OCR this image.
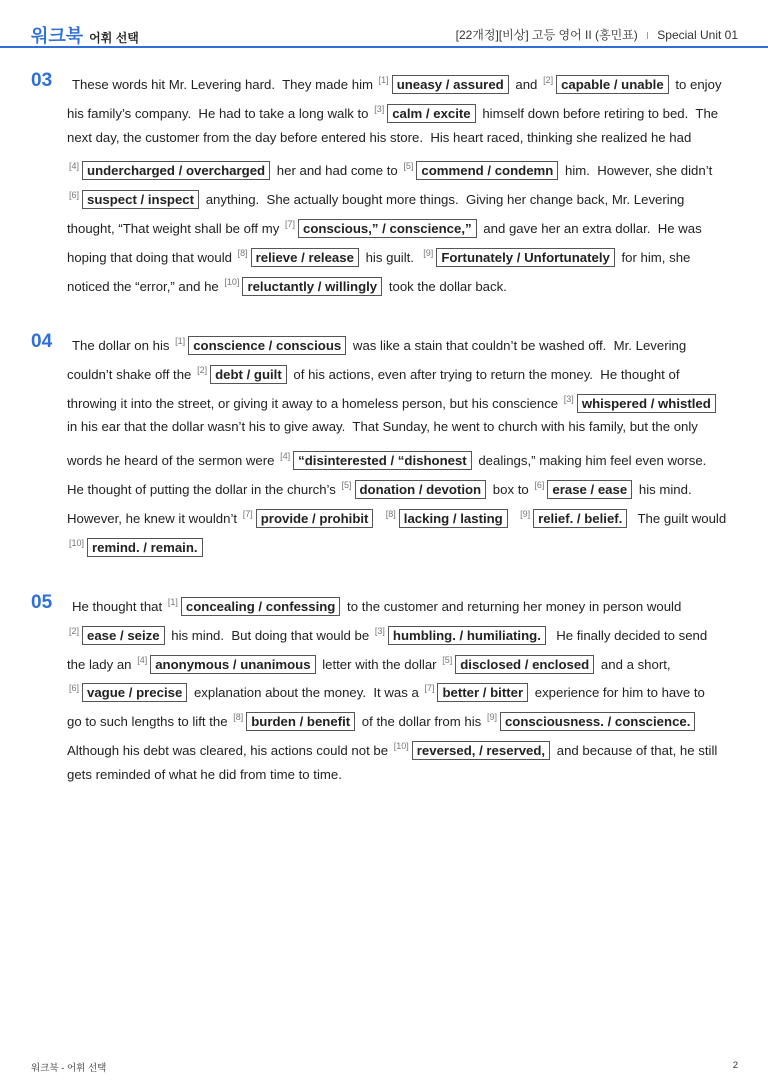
워크북 어휘 선택	[22개정][비상] 고등 영어 II (홍민표) I Special Unit 01
03 These words hit Mr. Levering hard.  They made him [1] uneasy / assured and [2] capable / unable to enjoy
his family’s company.  He had to take a long walk to [3] calm / excite himself down before retiring to bed.  The
next day, the customer from the day before entered his store.  His heart raced, thinking she realized he had
[4] undercharged / overcharged her and had come to [5] commend / condemn him.  However, she didn’t
[6] suspect / inspect anything.  She actually bought more things.  Giving her change back, Mr. Levering
thought, “That weight shall be off my [7] conscious,” / conscience,” and gave her an extra dollar.  He was
hoping that doing that would [8] relieve / release his guilt.  [9] Fortunately / Unfortunately for him, she
noticed the “error,” and he [10] reluctantly / willingly took the dollar back.
04 The dollar on his [1] conscience / conscious was like a stain that couldn’t be washed off.  Mr. Levering
couldn’t shake off the [2] debt / guilt of his actions, even after trying to return the money.  He thought of
throwing it into the street, or giving it away to a homeless person, but his conscience [3] whispered / whistled
in his ear that the dollar wasn’t his to give away.  That Sunday, he went to church with his family, but the only
words he heard of the sermon were [4] “disinterested / “dishonest dealings,” making him feel even worse.
He thought of putting the dollar in the church’s [5] donation / devotion box to [6] erase / ease his mind.
However, he knew it wouldn’t [7] provide / prohibit [8] lacking / lasting [9] relief. / belief.  The guilt would
[10] remind. / remain.
05 He thought that [1] concealing / confessing to the customer and returning her money in person would
[2] ease / seize his mind.  But doing that would be [3] humbling. / humiliating.  He finally decided to send
the lady an [4] anonymous / unanimous letter with the dollar [5] disclosed / enclosed and a short,
[6] vague / precise explanation about the money.  It was a [7] better / bitter experience for him to have to
go to such lengths to lift the [8] burden / benefit of the dollar from his [9] consciousness. / conscience.
Although his debt was cleared, his actions could not be [10] reversed, / reserved, and because of that, he still
gets reminded of what he did from time to time.
워크북 - 어휘 선택	2
